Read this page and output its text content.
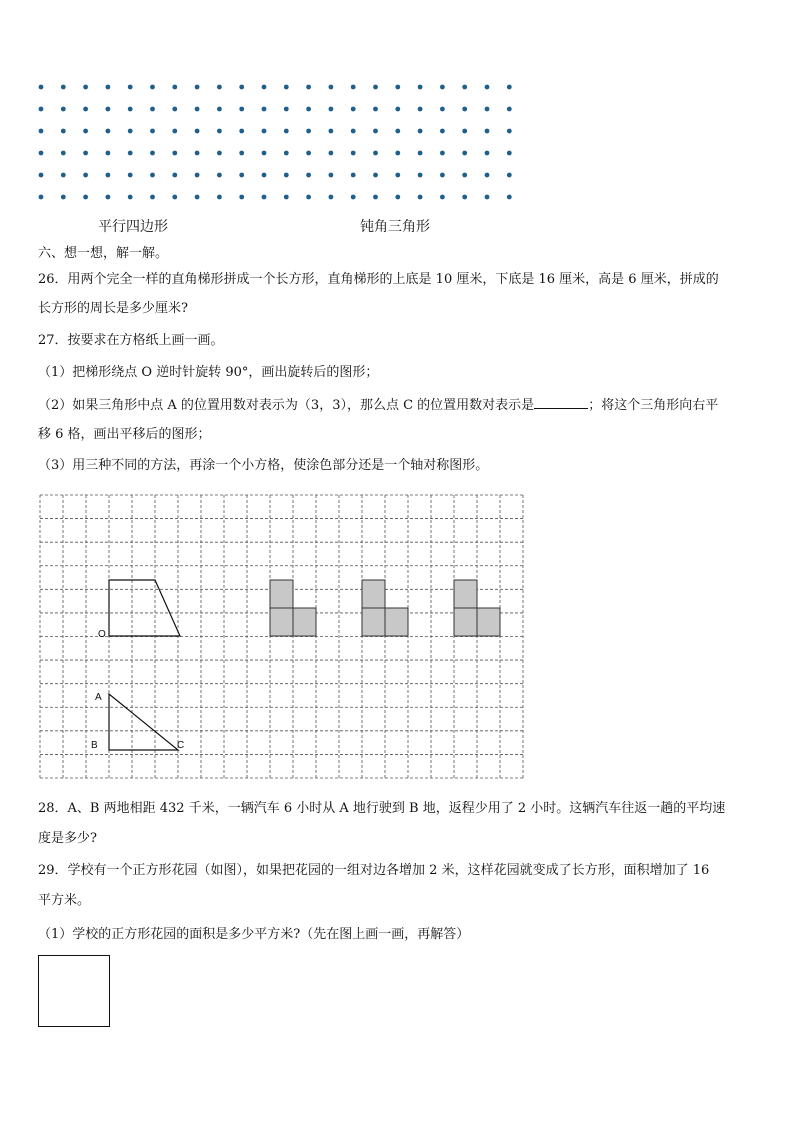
平行四边形	钝角三角形
六、想一想，解一解。
26．用两个完全一样的直角梯形拼成一个长方形，直角梯形的上底是 10 厘米，下底是 16 厘米，高是 6 厘米，拼成的
长方形的周长是多少厘米?
27．按要求在方格纸上画一画。
（1）把梯形绕点 O 逆时针旋转 90°，画出旋转后的图形；
（2）如果三角形中点 A 的位置用数对表示为（3，3），那么点 C 的位置用数对表示是	；将这个三角形向右平
移 6 格，画出平移后的图形；
（3）用三种不同的方法，再涂一个小方格，使涂色部分还是一个轴对称图形。
O
A
B	C
28．A、B 两地相距 432 千米，一辆汽车 6 小时从 A 地行驶到 B 地，返程少用了 2 小时。这辆汽车往返一趟的平均速
度是多少?
29．学校有一个正方形花园（如图），如果把花园的一组对边各增加 2 米，这样花园就变成了长方形，面积增加了 16
平方米。
（1）学校的正方形花园的面积是多少平方米?（先在图上画一画，再解答）
